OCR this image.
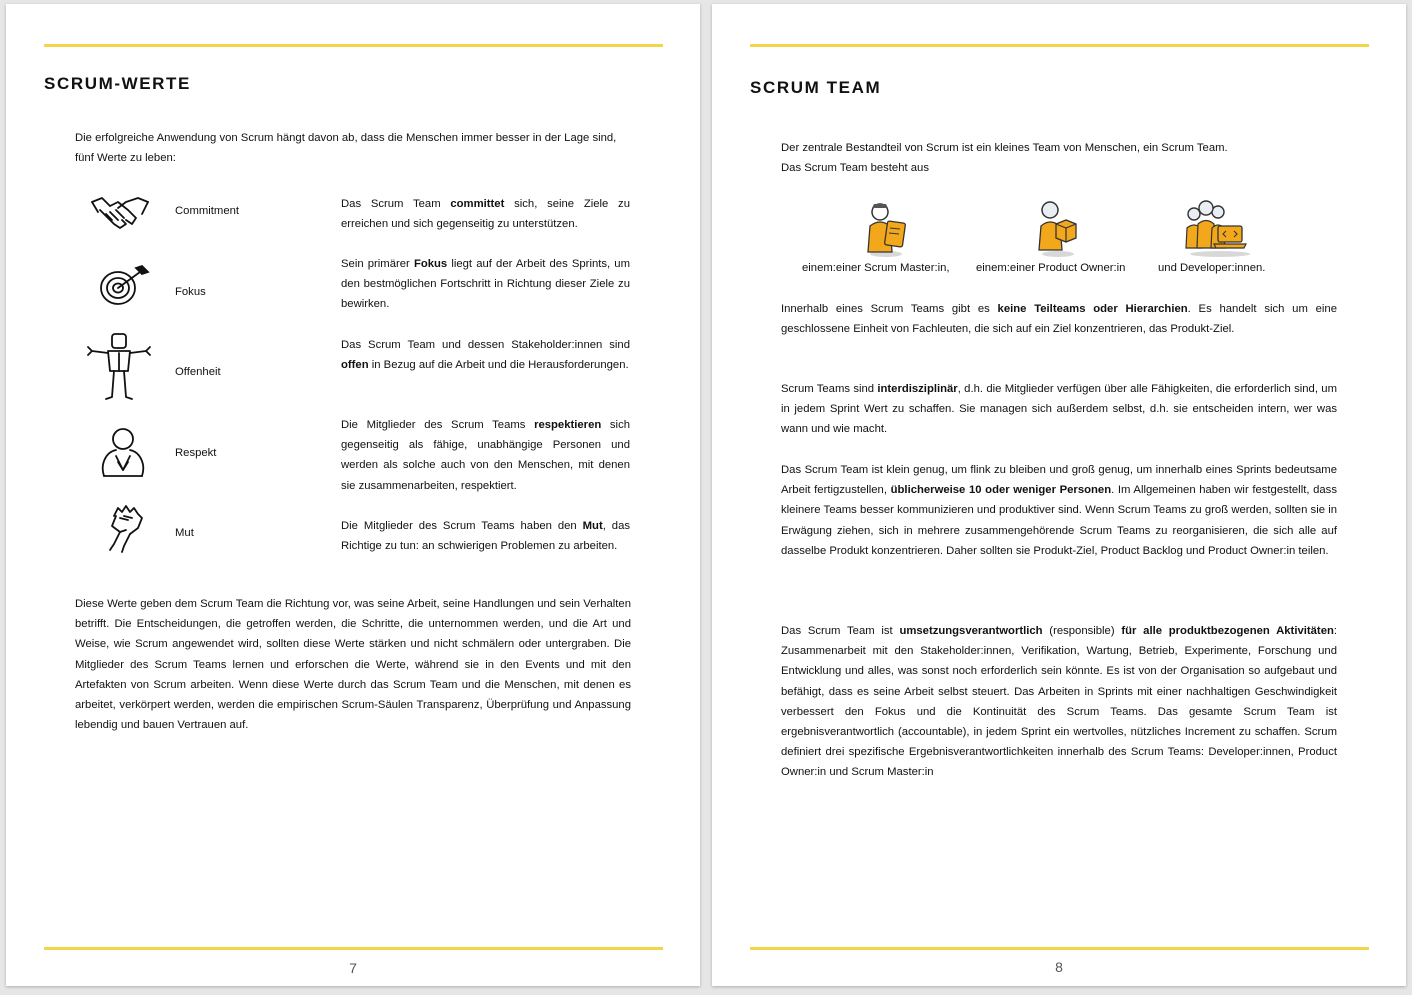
SCRUM-WERTE

Die erfolgreiche Anwendung von Scrum hängt davon ab, dass die Menschen immer besser in der Lage sind, fünf Werte zu leben:

Commitment

Das Scrum Team committet sich, seine Ziele zu erreichen und sich gegenseitig zu unterstützen.

Fokus

Sein primärer Fokus liegt auf der Arbeit des Sprints, um den bestmöglichen Fortschritt in Richtung dieser Ziele zu bewirken.

Offenheit

Das Scrum Team und dessen Stakeholder:innen sind offen in Bezug auf die Arbeit und die Herausforderungen.

Respekt

Die Mitglieder des Scrum Teams respektieren sich gegenseitig als fähige, unabhängige Personen und werden als solche auch von den Menschen, mit denen sie zusammenarbeiten, respektiert.

Mut

Die Mitglieder des Scrum Teams haben den Mut, das Richtige zu tun: an schwierigen Problemen zu arbeiten.

Diese Werte geben dem Scrum Team die Richtung vor, was seine Arbeit, seine Handlungen und sein Verhalten betrifft. Die Entscheidungen, die getroffen werden, die Schritte, die unternommen werden, und die Art und Weise, wie Scrum angewendet wird, sollten diese Werte stärken und nicht schmälern oder untergraben. Die Mitglieder des Scrum Teams lernen und erforschen die Werte, während sie in den Events und mit den Artefakten von Scrum arbeiten. Wenn diese Werte durch das Scrum Team und die Menschen, mit denen es arbeitet, verkörpert werden, werden die empirischen Scrum-Säulen Transparenz, Überprüfung und Anpassung lebendig und bauen Vertrauen auf.

7
SCRUM TEAM

Der zentrale Bestandteil von Scrum ist ein kleines Team von Menschen, ein Scrum Team.

Das Scrum Team besteht aus

einem:einer Scrum Master:in, einem:einer Product Owner:in	und Developer:innen.

Innerhalb eines Scrum Teams gibt es keine Teilteams oder Hierarchien. Es handelt sich um eine geschlossene Einheit von Fachleuten, die sich auf ein Ziel konzentrieren, das Produkt-Ziel.

Scrum Teams sind interdisziplinär, d.h. die Mitglieder verfügen über alle Fähigkeiten, die erforderlich sind, um in jedem Sprint Wert zu schaffen. Sie managen sich außerdem selbst, d.h. sie entscheiden intern, wer was wann und wie macht.

Das Scrum Team ist klein genug, um flink zu bleiben und groß genug, um innerhalb eines Sprints bedeutsame Arbeit fertigzustellen, üblicherweise 10 oder weniger Personen. Im Allgemeinen haben wir festgestellt, dass kleinere Teams besser kommunizieren und produktiver sind. Wenn Scrum Teams zu groß werden, sollten sie in Erwägung ziehen, sich in mehrere zusammengehörende Scrum Teams zu reorganisieren, die sich alle auf dasselbe Produkt konzentrieren. Daher sollten sie Produkt-Ziel, Product Backlog und Product Owner:in teilen.

Das Scrum Team ist umsetzungsverantwortlich (responsible) für alle produktbezogenen Aktivitäten: Zusammenarbeit mit den Stakeholder:innen, Verifikation, Wartung, Betrieb, Experimente, Forschung und Entwicklung und alles, was sonst noch erforderlich sein könnte. Es ist von der Organisation so aufgebaut und befähigt, dass es seine Arbeit selbst steuert. Das Arbeiten in Sprints mit einer nachhaltigen Geschwindigkeit verbessert den Fokus und die Kontinuität des Scrum Teams. Das gesamte Scrum Team ist ergebnisverantwortlich (accountable), in jedem Sprint ein wertvolles, nützliches Increment zu schaffen. Scrum definiert drei spezifische Ergebnisverantwortlichkeiten innerhalb des Scrum Teams: Developer:innen, Product Owner:in und Scrum Master:in

8
